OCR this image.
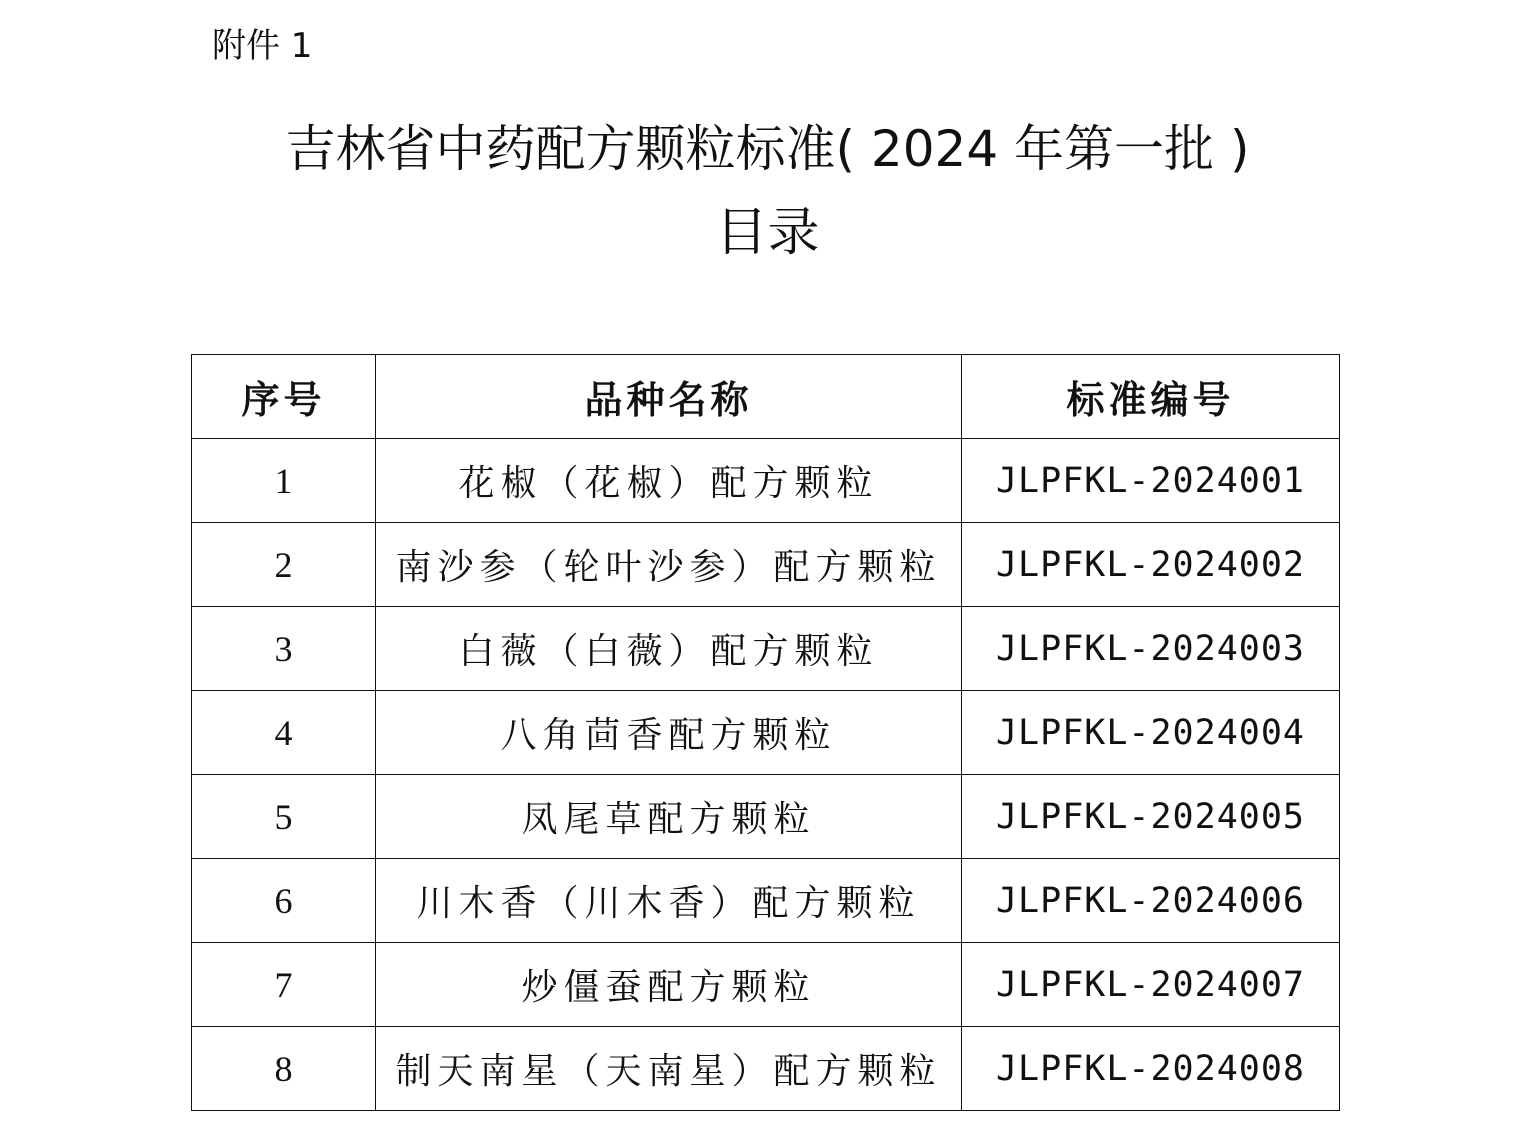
附件 1
吉林省中药配方颗粒标准( 2024 年第一批 )
目录
序号	品种名称	标准编号
1	花椒（花椒）配方颗粒	JLPFKL-2024001
2	南沙参（轮叶沙参）配方颗粒	JLPFKL-2024002
3	白薇（白薇）配方颗粒	JLPFKL-2024003
4	八角茴香配方颗粒	JLPFKL-2024004
5	凤尾草配方颗粒	JLPFKL-2024005
6	川木香（川木香）配方颗粒	JLPFKL-2024006
7	炒僵蚕配方颗粒	JLPFKL-2024007
8	制天南星（天南星）配方颗粒	JLPFKL-2024008
